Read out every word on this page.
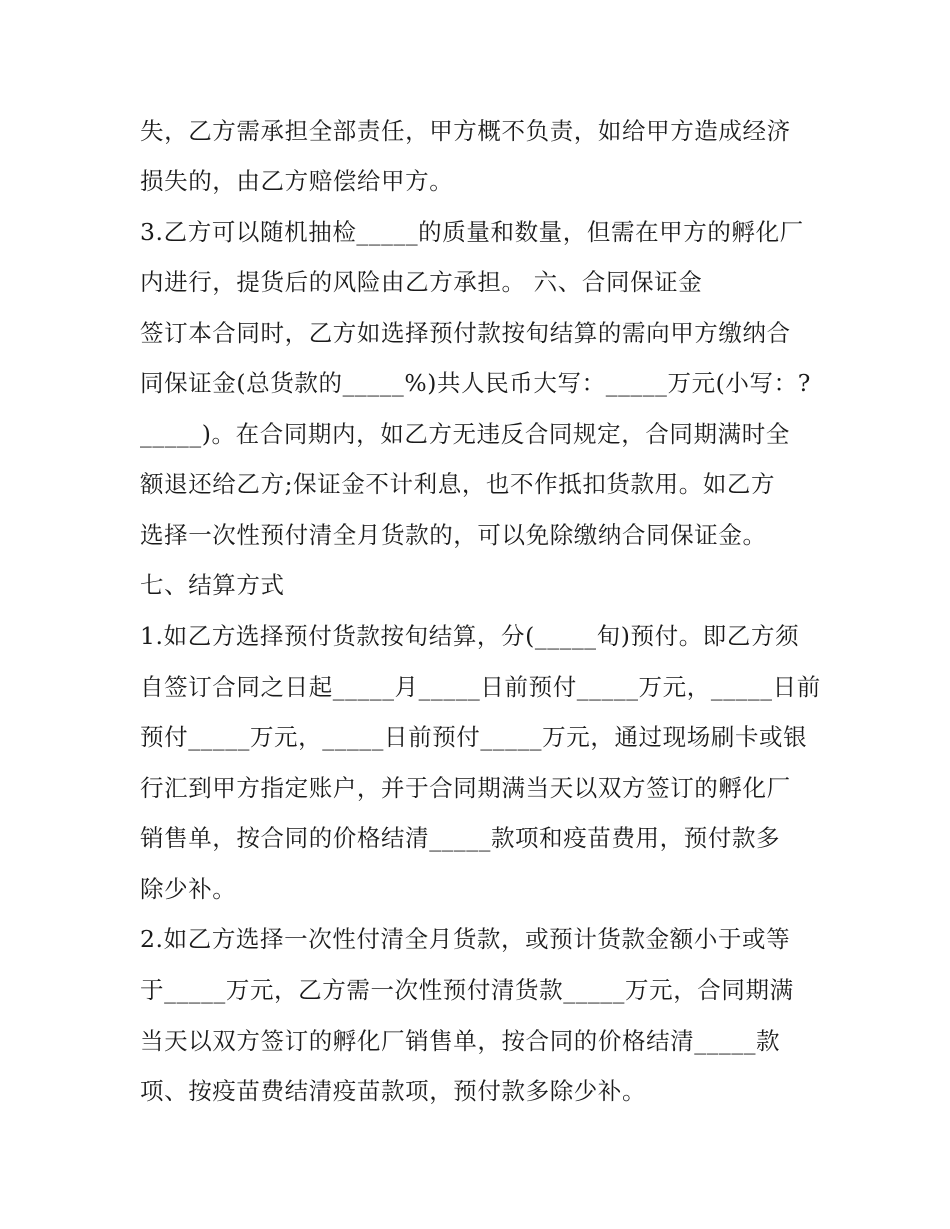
失，乙方需承担全部责任，甲方概不负责，如给甲方造成经济
损失的，由乙方赔偿给甲方。
3.乙方可以随机抽检_____的质量和数量，但需在甲方的孵化厂
内进行，提货后的风险由乙方承担。 六、合同保证金
签订本合同时，乙方如选择预付款按旬结算的需向甲方缴纳合
同保证金(总货款的_____%)共人民币大写：_____万元(小写：?
_____)。在合同期内，如乙方无违反合同规定，合同期满时全
额退还给乙方;保证金不计利息，也不作抵扣货款用。如乙方
选择一次性预付清全月货款的，可以免除缴纳合同保证金。
七、结算方式
1.如乙方选择预付货款按旬结算，分(_____旬)预付。即乙方须
自签订合同之日起_____月_____日前预付_____万元，_____日前
预付_____万元，_____日前预付_____万元，通过现场刷卡或银
行汇到甲方指定账户，并于合同期满当天以双方签订的孵化厂
销售单，按合同的价格结清_____款项和疫苗费用，预付款多
除少补。
2.如乙方选择一次性付清全月货款，或预计货款金额小于或等
于_____万元，乙方需一次性预付清货款_____万元，合同期满
当天以双方签订的孵化厂销售单，按合同的价格结清_____款
项、按疫苗费结清疫苗款项，预付款多除少补。
